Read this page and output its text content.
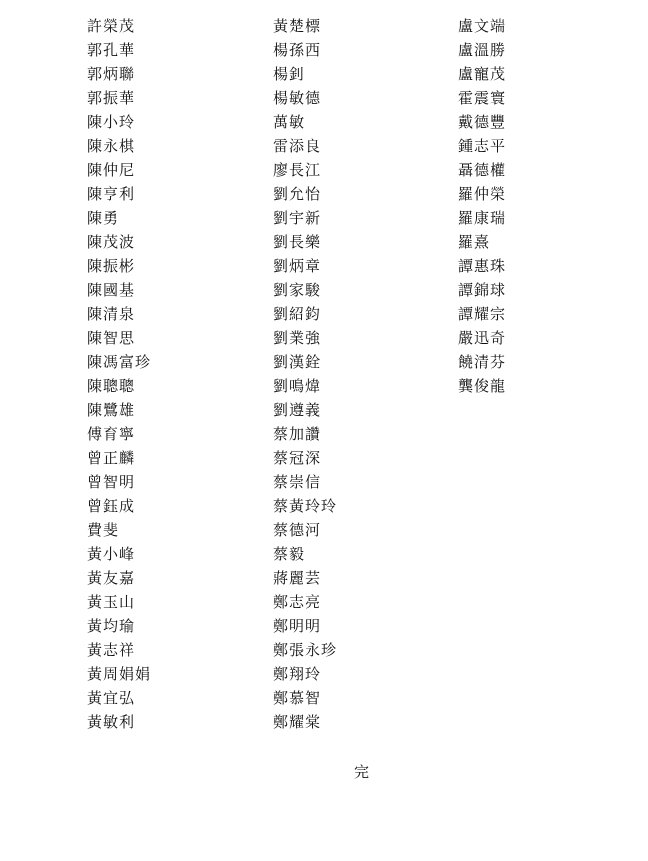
許榮茂
郭孔華
郭炳聯
郭振華
陳小玲
陳永棋
陳仲尼
陳亨利
陳勇
陳茂波
陳振彬
陳國基
陳清泉
陳智思
陳馮富珍
陳聰聰
陳鷺雄
傅育寧
曾正麟
曾智明
曾鈺成
費斐
黃小峰
黃友嘉
黃玉山
黃均瑜
黃志祥
黃周娟娟
黃宜弘
黃敏利
黃楚標
楊孫西
楊釗
楊敏德
萬敏
雷添良
廖長江
劉允怡
劉宇新
劉長樂
劉炳章
劉家駿
劉紹鈞
劉業強
劉漢銓
劉鳴煒
劉遵義
蔡加讚
蔡冠深
蔡崇信
蔡黃玲玲
蔡德河
蔡毅
蔣麗芸
鄭志亮
鄭明明
鄭張永珍
鄭翔玲
鄭慕智
鄭耀棠
盧文端
盧溫勝
盧寵茂
霍震寰
戴德豐
鍾志平
聶德權
羅仲榮
羅康瑞
羅熹
譚惠珠
譚錦球
譚耀宗
嚴迅奇
饒清芬
龔俊龍
完
